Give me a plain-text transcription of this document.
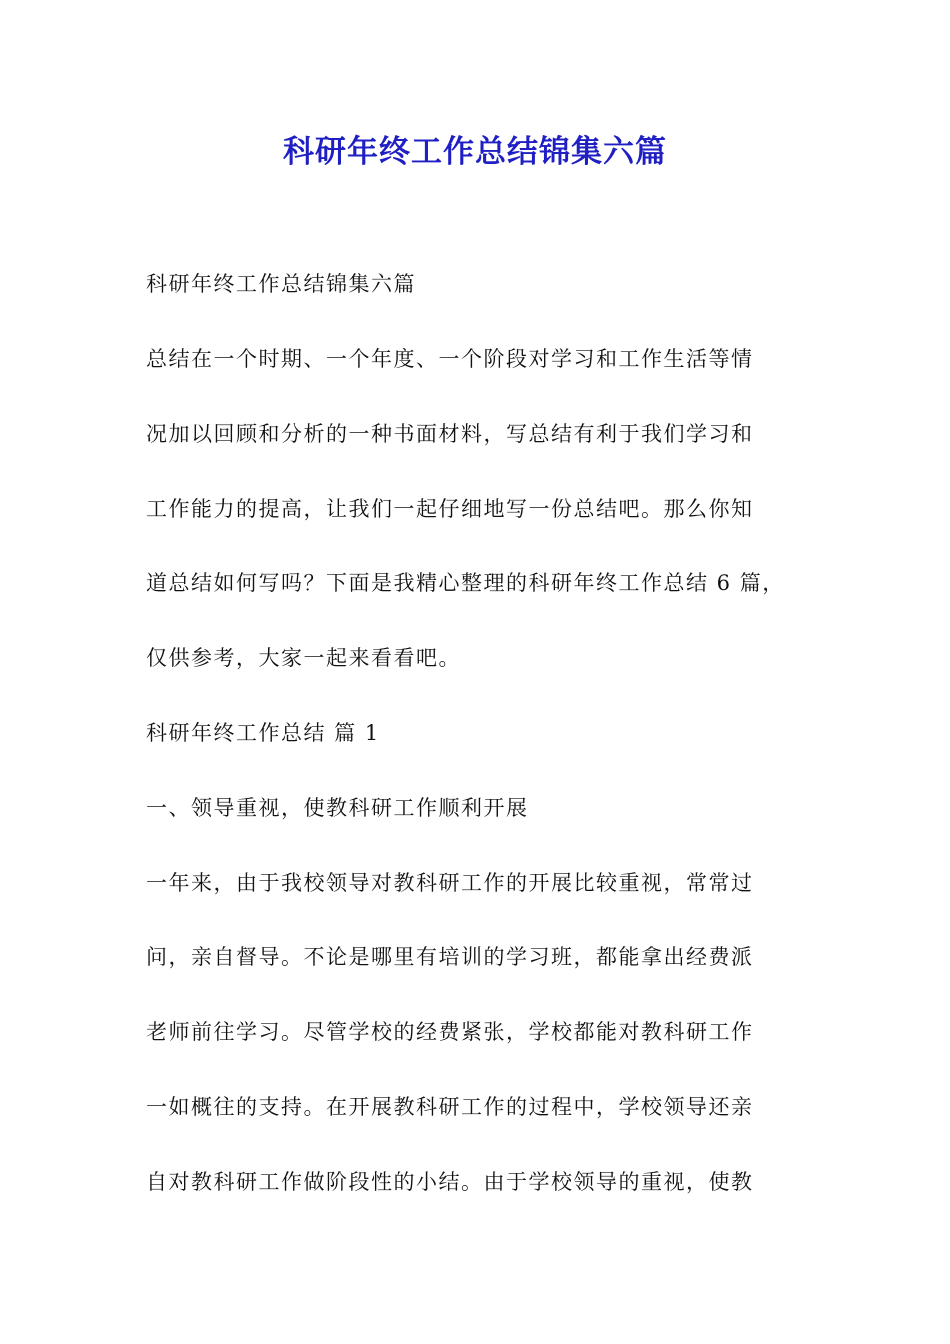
科研年终工作总结锦集六篇

科研年终工作总结锦集六篇

总结在一个时期、一个年度、一个阶段对学习和工作生活等情

况加以回顾和分析的一种书面材料，写总结有利于我们学习和

工作能力的提高，让我们一起仔细地写一份总结吧。那么你知

道总结如何写吗？下面是我精心整理的科研年终工作总结 6 篇，

仅供参考，大家一起来看看吧。

科研年终工作总结 篇 1

一、领导重视，使教科研工作顺利开展

一年来，由于我校领导对教科研工作的开展比较重视，常常过

问，亲自督导。不论是哪里有培训的学习班，都能拿出经费派

老师前往学习。尽管学校的经费紧张，学校都能对教科研工作

一如概往的支持。在开展教科研工作的过程中，学校领导还亲

自对教科研工作做阶段性的小结。由于学校领导的重视，使教
